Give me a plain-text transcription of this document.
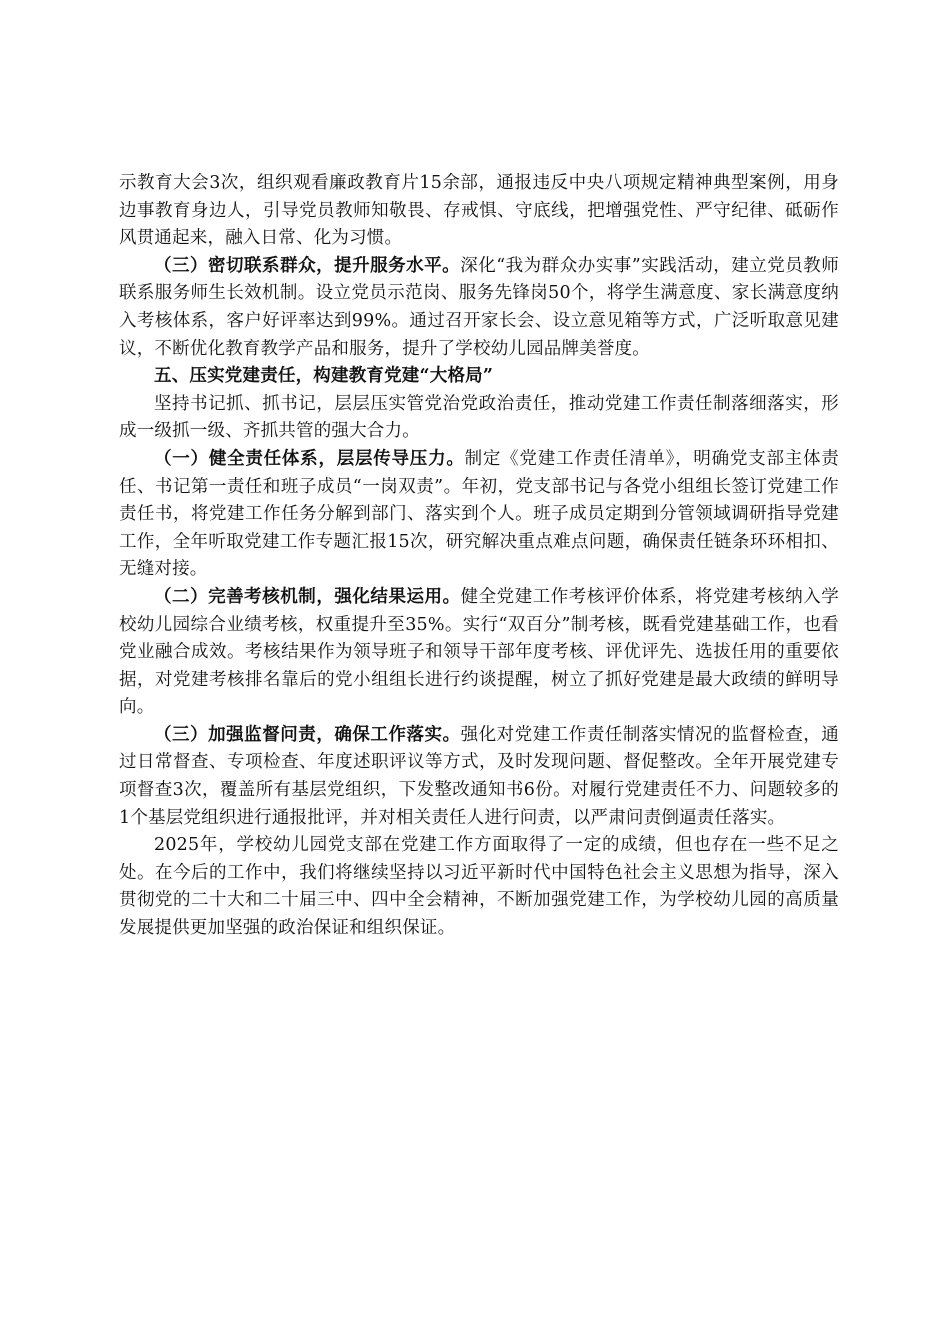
示教育大会3次，组织观看廉政教育片15余部，通报违反中央八项规定精神典型案例，用身边事教育身边人，引导党员教师知敬畏、存戒惧、守底线，把增强党性、严守纪律、砥砺作风贯通起来，融入日常、化为习惯。

（三）密切联系群众，提升服务水平。深化“我为群众办实事”实践活动，建立党员教师联系服务师生长效机制。设立党员示范岗、服务先锋岗50个，将学生满意度、家长满意度纳入考核体系，客户好评率达到99%。通过召开家长会、设立意见箱等方式，广泛听取意见建议，不断优化教育教学产品和服务，提升了学校幼儿园品牌美誉度。

五、压实党建责任，构建教育党建“大格局”

坚持书记抓、抓书记，层层压实管党治党政治责任，推动党建工作责任制落细落实，形成一级抓一级、齐抓共管的强大合力。

（一）健全责任体系，层层传导压力。制定《党建工作责任清单》，明确党支部主体责任、书记第一责任和班子成员“一岗双责”。年初，党支部书记与各党小组组长签订党建工作责任书，将党建工作任务分解到部门、落实到个人。班子成员定期到分管领域调研指导党建工作，全年听取党建工作专题汇报15次，研究解决重点难点问题，确保责任链条环环相扣、无缝对接。

（二）完善考核机制，强化结果运用。健全党建工作考核评价体系，将党建考核纳入学校幼儿园综合业绩考核，权重提升至35%。实行“双百分”制考核，既看党建基础工作，也看党业融合成效。考核结果作为领导班子和领导干部年度考核、评优评先、选拔任用的重要依据，对党建考核排名靠后的党小组组长进行约谈提醒，树立了抓好党建是最大政绩的鲜明导向。

（三）加强监督问责，确保工作落实。强化对党建工作责任制落实情况的监督检查，通过日常督查、专项检查、年度述职评议等方式，及时发现问题、督促整改。全年开展党建专项督查3次，覆盖所有基层党组织，下发整改通知书6份。对履行党建责任不力、问题较多的1个基层党组织进行通报批评，并对相关责任人进行问责，以严肃问责倒逼责任落实。

2025年，学校幼儿园党支部在党建工作方面取得了一定的成绩，但也存在一些不足之处。在今后的工作中，我们将继续坚持以习近平新时代中国特色社会主义思想为指导，深入贯彻党的二十大和二十届三中、四中全会精神，不断加强党建工作，为学校幼儿园的高质量发展提供更加坚强的政治保证和组织保证。
